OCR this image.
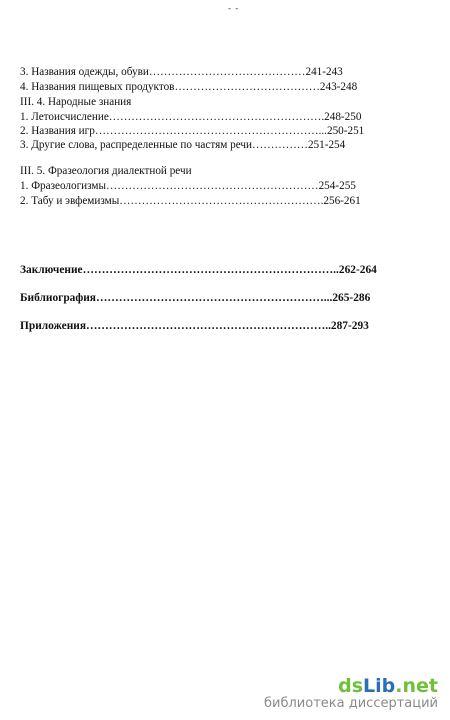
- -
3. Названия одежды, обуви……………………………………241-243
4. Названия пищевых продуктов…………………………………243-248
III. 4. Народные знания
1. Летоисчисление………………………………………………….248-250
2. Названия игр……………………………………………………...250-251
3. Другие слова, распределенные по частям речи……………251-254
III. 5. Фразеология диалектной речи
1. Фразеологизмы…………………………………………………254-255
2. Табу и эвфемизмы……………………………………………….256-261
Заключение…………………………………………………………..262-264
Библиография……………………………………………………...265-286
Приложения………………………………………………………..287-293
dsLib.net
библиотека диссертаций
